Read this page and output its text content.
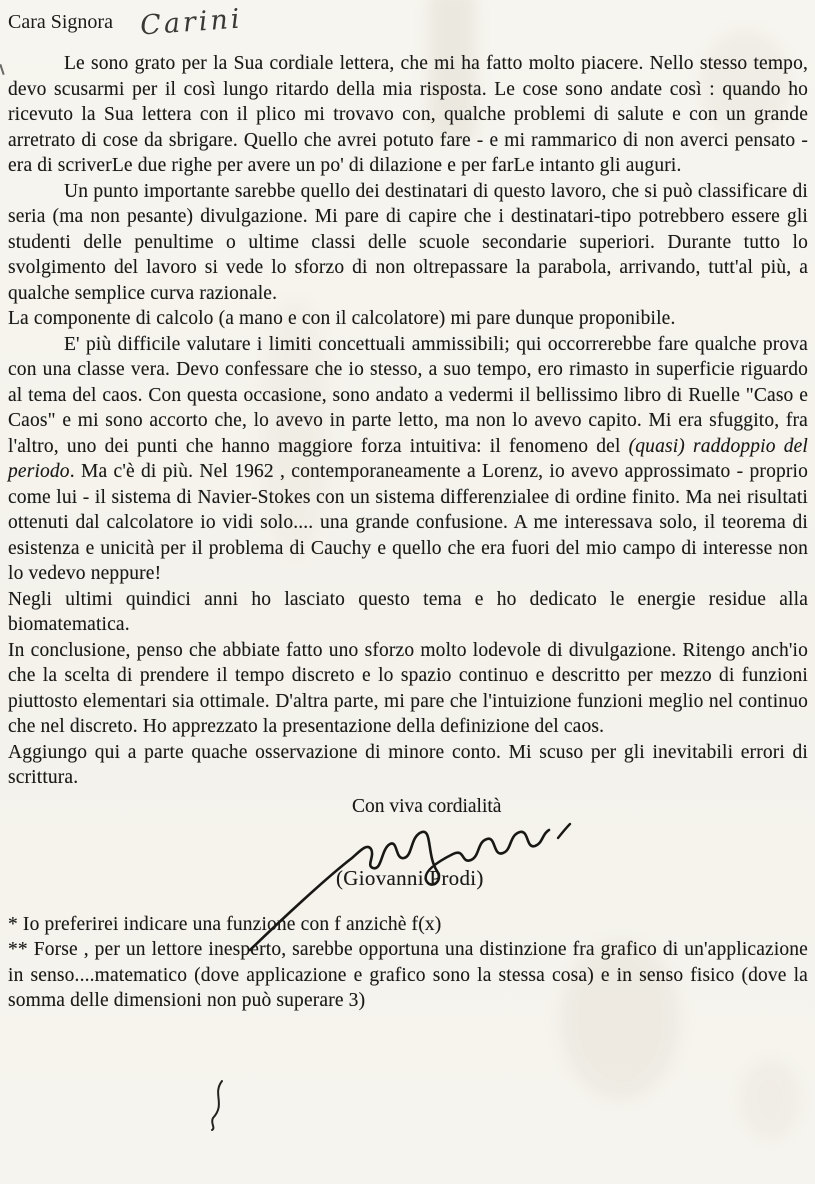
Cara Signora Carini

Le sono grato per la Sua cordiale lettera, che mi ha fatto molto piacere. Nello stesso tempo, devo scusarmi per il così lungo ritardo della mia risposta. Le cose sono andate così : quando ho ricevuto la Sua lettera con il plico mi trovavo con, qualche problemi di salute e con un grande arretrato di cose da sbrigare. Quello che avrei potuto fare - e mi rammarico di non averci pensato - era di scriverLe due righe per avere un po' di dilazione e per farLe intanto gli auguri.

Un punto importante sarebbe quello dei destinatari di questo lavoro, che si può classificare di seria (ma non pesante) divulgazione. Mi pare di capire che i destinatari-tipo potrebbero essere gli studenti delle penultime o ultime classi delle scuole secondarie superiori. Durante tutto lo svolgimento del lavoro si vede lo sforzo di non oltrepassare la parabola, arrivando, tutt'al più, a qualche semplice curva razionale.

La componente di calcolo (a mano e con il calcolatore) mi pare dunque proponibile.

E' più difficile valutare i limiti concettuali ammissibili; qui occorrerebbe fare qualche prova con una classe vera. Devo confessare che io stesso, a suo tempo, ero rimasto in superficie riguardo al tema del caos. Con questa occasione, sono andato a vedermi il bellissimo libro di Ruelle "Caso e Caos" e mi sono accorto che, lo avevo in parte letto, ma non lo avevo capito. Mi era sfuggito, fra l'altro, uno dei punti che hanno maggiore forza intuitiva: il fenomeno del (quasi) raddoppio del periodo. Ma c'è di più. Nel 1962 , contemporaneamente a Lorenz, io avevo approssimato - proprio come lui - il sistema di Navier-Stokes con un sistema differenzialee di ordine finito. Ma nei risultati ottenuti dal calcolatore io vidi solo.... una grande confusione. A me interessava solo, il teorema di esistenza e unicità per il problema di Cauchy e quello che era fuori del mio campo di interesse non lo vedevo neppure!

Negli ultimi quindici anni ho lasciato questo tema e ho dedicato le energie residue alla biomatematica.

In conclusione, penso che abbiate fatto uno sforzo molto lodevole di divulgazione. Ritengo anch'io che la scelta di prendere il tempo discreto e lo spazio continuo e descritto per mezzo di funzioni piuttosto elementari sia ottimale. D'altra parte, mi pare che l'intuizione funzioni meglio nel continuo che nel discreto. Ho apprezzato la presentazione della definizione del caos.

Aggiungo qui a parte quache osservazione di minore conto. Mi scuso per gli inevitabili errori di scrittura.

Con viva cordialità

(Giovanni Prodi)

* Io preferirei indicare una funzione con f anzichè f(x)

** Forse , per un lettore inesperto, sarebbe opportuna una distinzione fra grafico di un'applicazione in senso....matematico (dove applicazione e grafico sono la stessa cosa) e in senso fisico (dove la somma delle dimensioni non può superare 3)
